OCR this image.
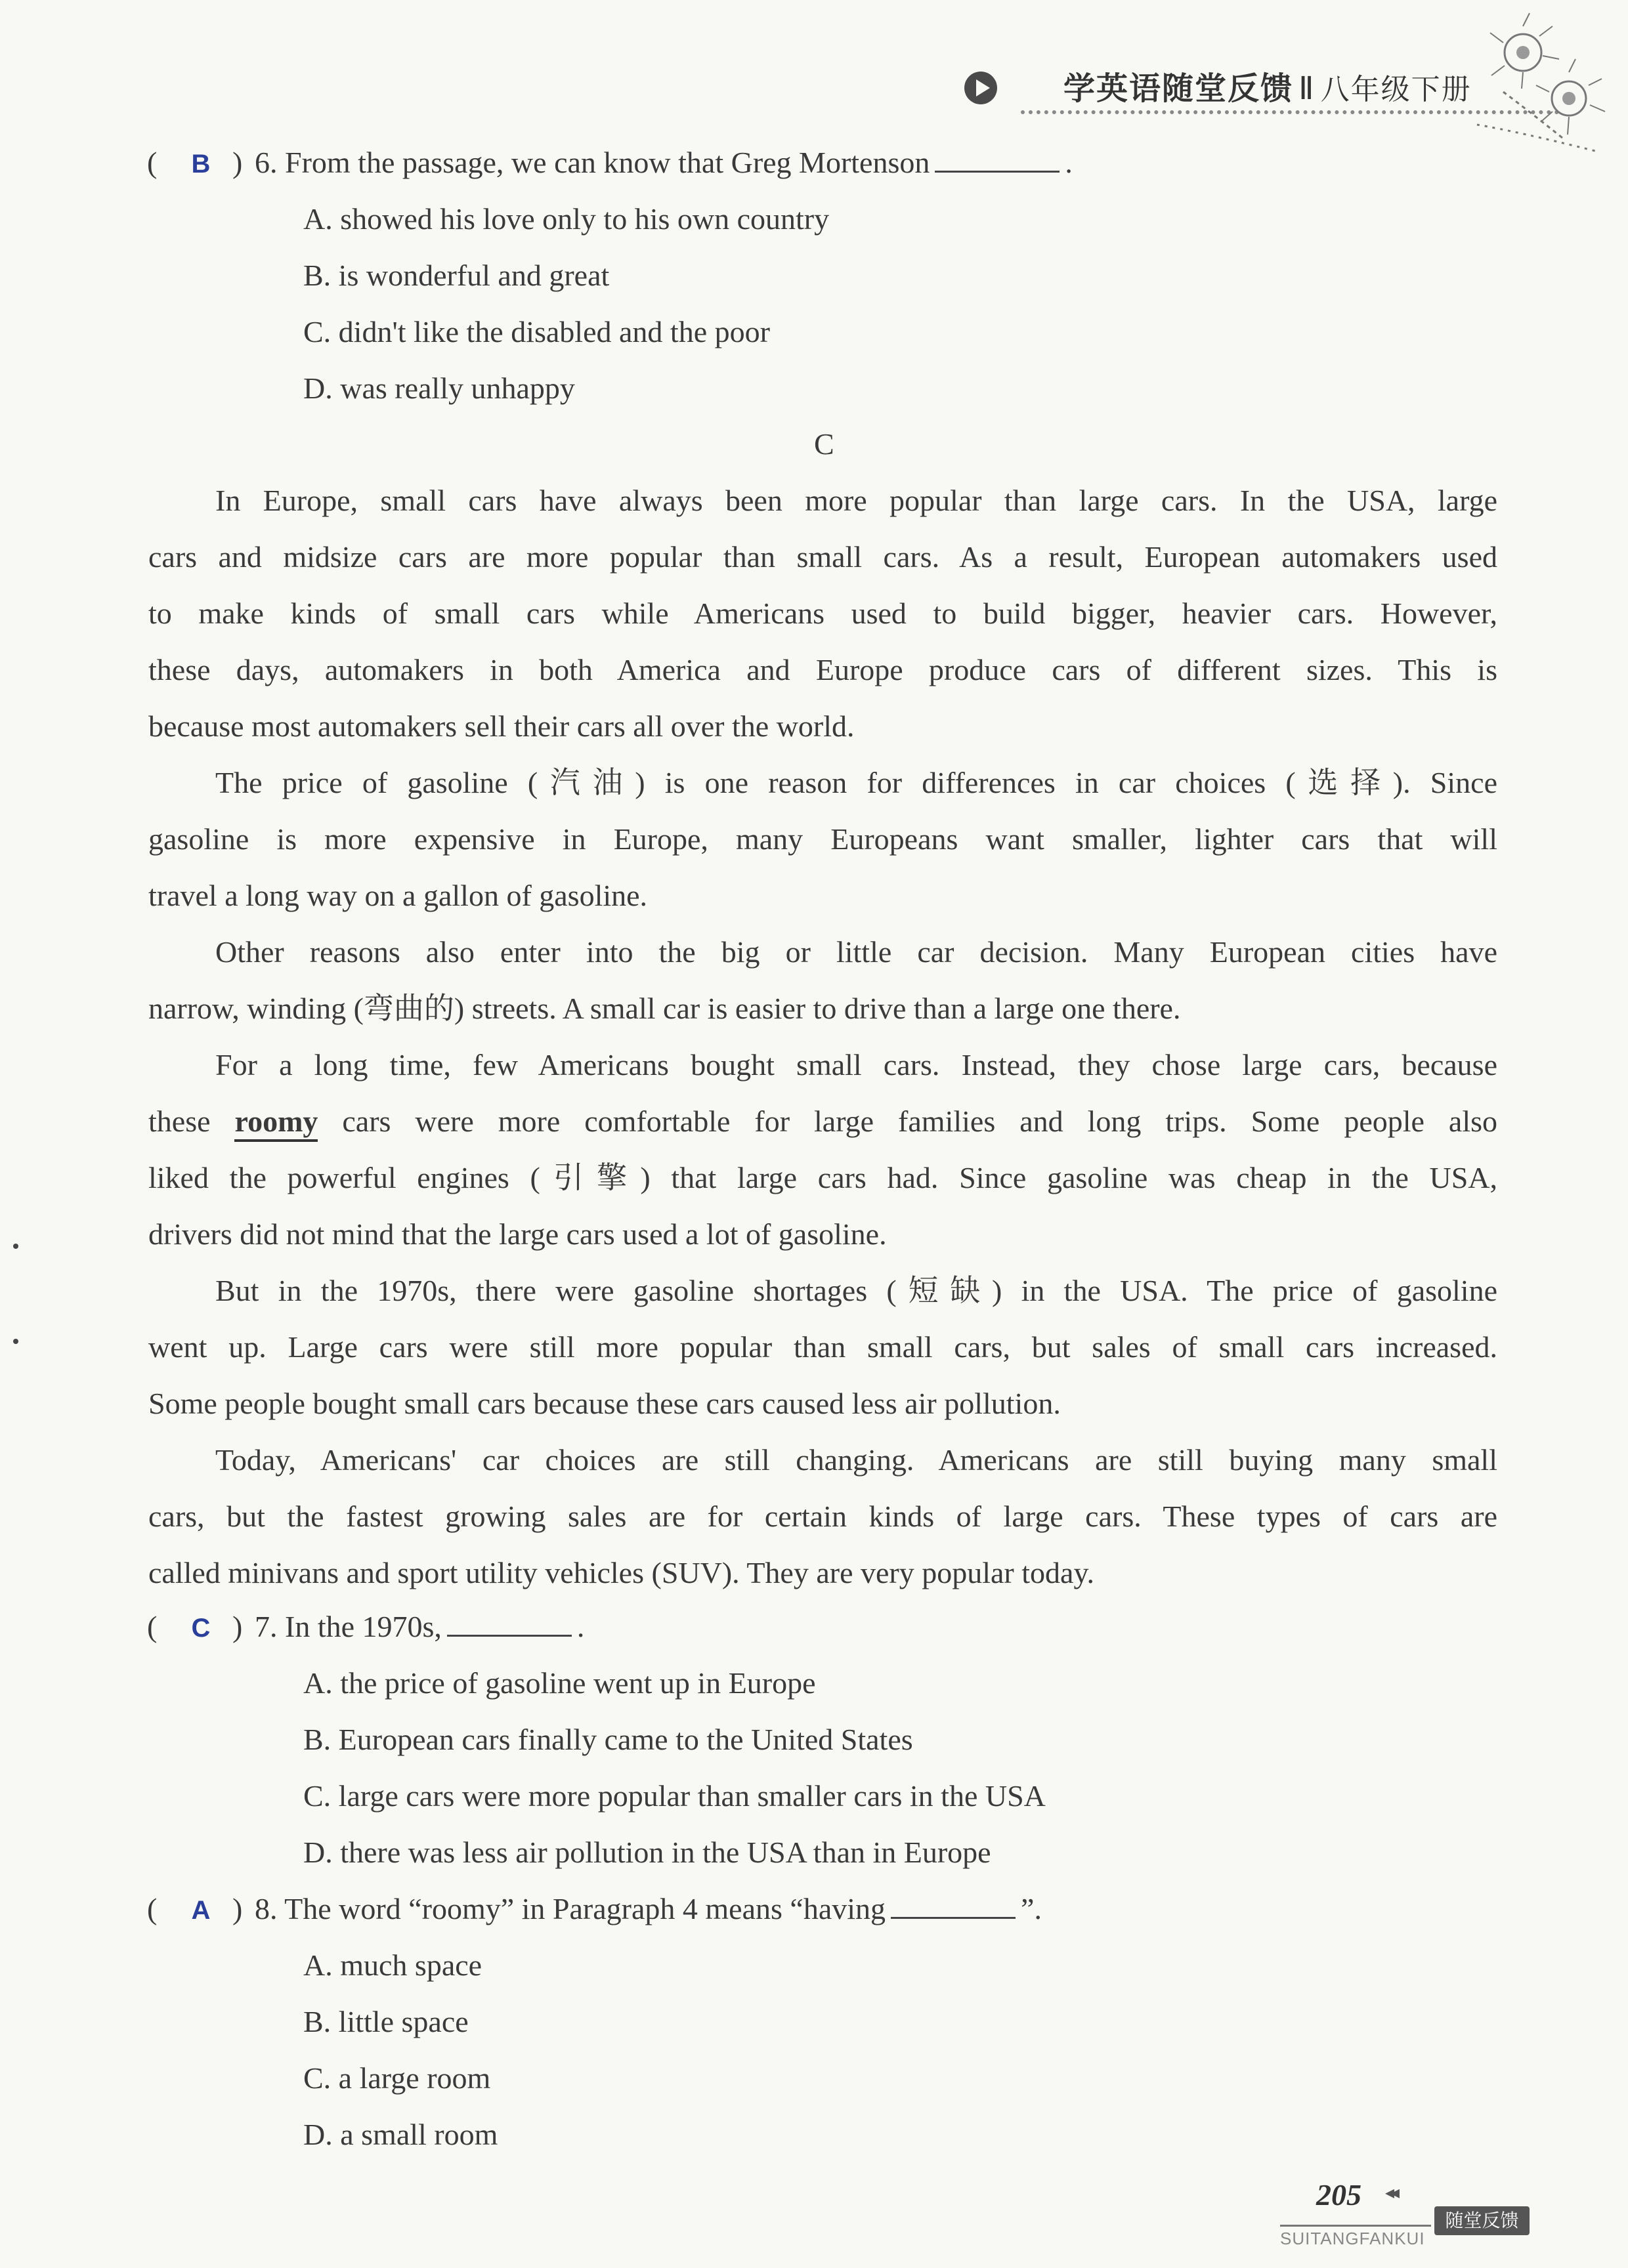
学英语随堂反馈 Ⅱ 八年级下册
( B ) 6. From the passage, we can know that Greg Mortenson	.
A. showed his love only to his own country
B. is wonderful and great
C. didn't like the disabled and the poor
D. was really unhappy
C
In Europe, small cars have always been more popular than large cars. In the USA, large
cars and midsize cars are more popular than small cars. As a result, European automakers used
to make kinds of small cars while Americans used to build bigger, heavier cars. However,
these days, automakers in both America and Europe produce cars of different sizes. This is
because most automakers sell their cars all over the world.
The price of gasoline (汽油) is one reason for differences in car choices (选择). Since
gasoline is more expensive in Europe, many Europeans want smaller, lighter cars that will
travel a long way on a gallon of gasoline.
Other reasons also enter into the big or little car decision. Many European cities have
narrow, winding (弯曲的) streets. A small car is easier to drive than a large one there.
For a long time, few Americans bought small cars. Instead, they chose large cars, because
these roomy cars were more comfortable for large families and long trips. Some people also
liked the powerful engines (引擎) that large cars had. Since gasoline was cheap in the USA,
drivers did not mind that the large cars used a lot of gasoline.
But in the 1970s, there were gasoline shortages (短缺) in the USA. The price of gasoline
went up. Large cars were still more popular than small cars, but sales of small cars increased.
Some people bought small cars because these cars caused less air pollution.
Today, Americans' car choices are still changing. Americans are still buying many small
cars, but the fastest growing sales are for certain kinds of large cars. These types of cars are
called minivans and sport utility vehicles (SUV). They are very popular today.
( C ) 7. In the 1970s,	.
A. the price of gasoline went up in Europe
B. European cars finally came to the United States
C. large cars were more popular than smaller cars in the USA
D. there was less air pollution in the USA than in Europe
( A ) 8. The word “roomy” in Paragraph 4 means “having	”.
A. much space
B. little space
C. a large room
D. a small room
205 ◂◂
SUITANGFANKUI
随堂反馈
